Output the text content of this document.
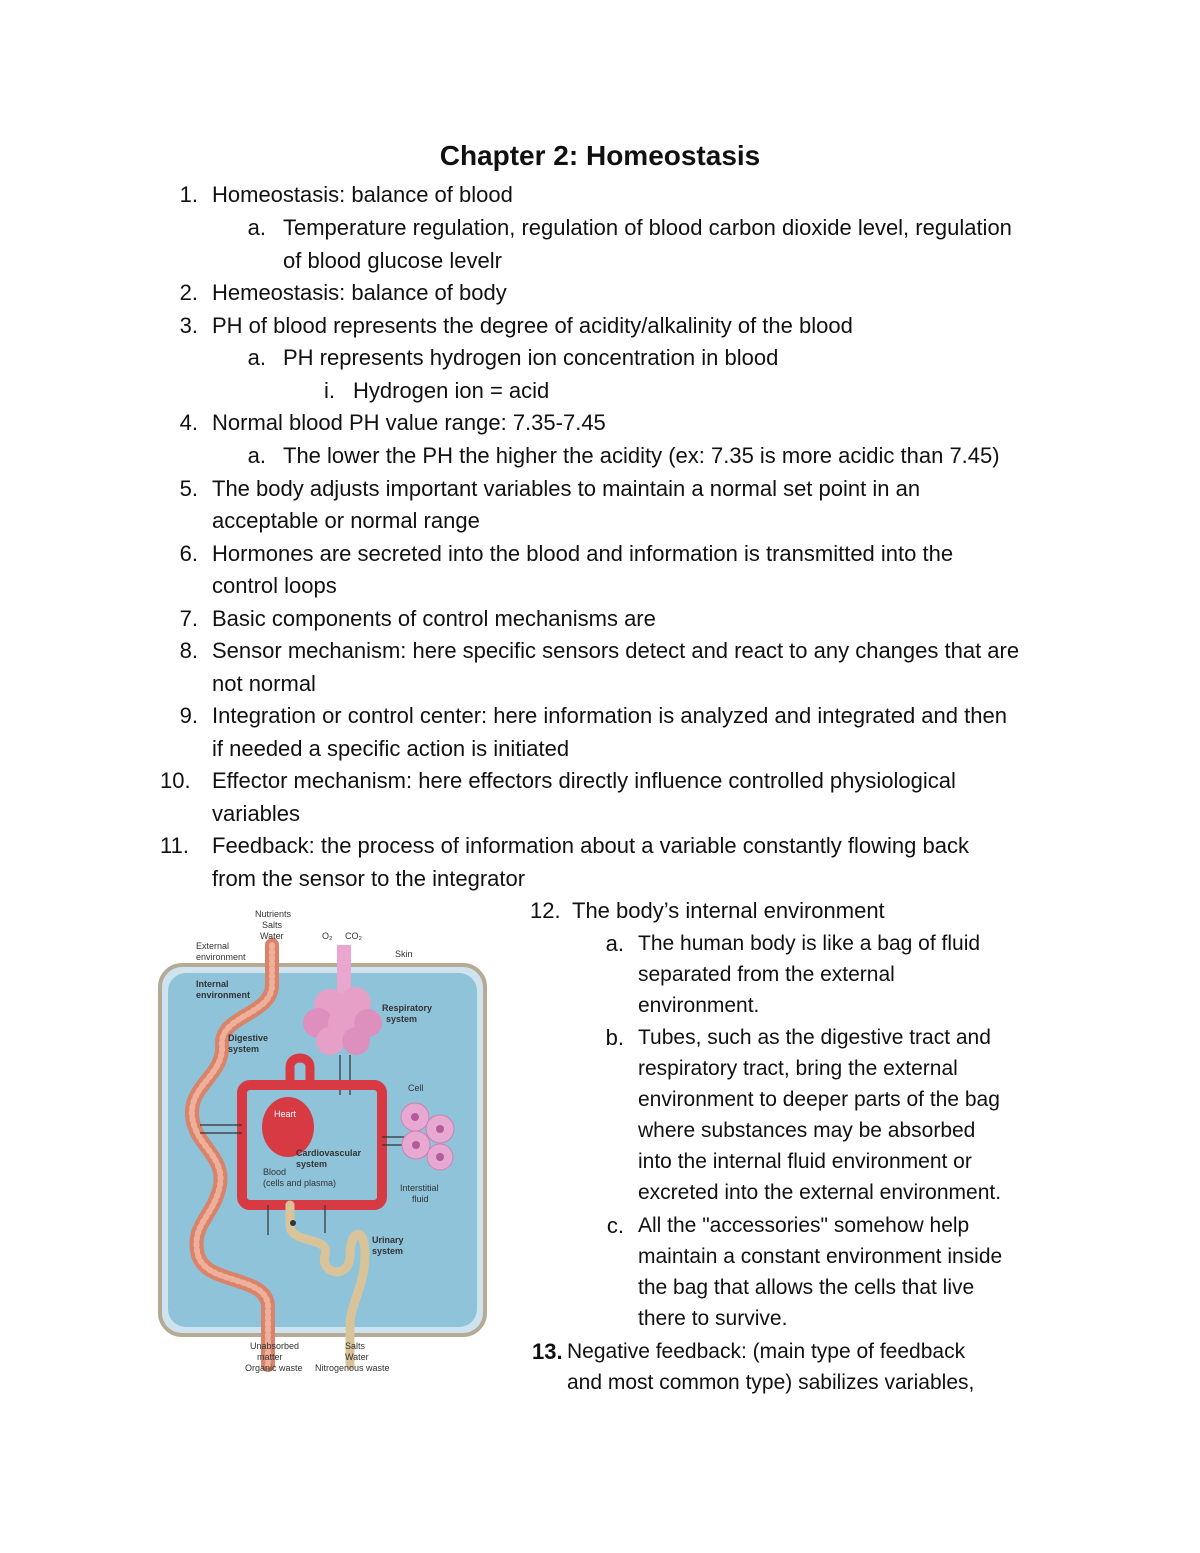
Chapter 2: Homeostasis
1. Homeostasis: balance of blood
a. Temperature regulation, regulation of blood carbon dioxide level, regulation
of blood glucose levelr
2. Hemeostasis: balance of body
3. PH of blood represents the degree of acidity/alkalinity of the blood
a. PH represents hydrogen ion concentration in blood
i. Hydrogen ion = acid
4. Normal blood PH value range: 7.35-7.45
a. The lower the PH the higher the acidity (ex: 7.35 is more acidic than 7.45)
5. The body adjusts important variables to maintain a normal set point in an
acceptable or normal range
6. Hormones are secreted into the blood and information is transmitted into the
control loops
7. Basic components of control mechanisms are
8. Sensor mechanism: here specific sensors detect and react to any changes that are
not normal
9. Integration or control center: here information is analyzed and integrated and then
if needed a specific action is initiated
10. Effector mechanism: here effectors directly influence controlled physiological
variables
11.	Feedback: the process of information about a variable constantly flowing back
from the sensor to the integrator
12. The body’s internal environment
a. The human body is like a bag of fluid
separated from the external
environment.
b. Tubes, such as the digestive tract and
respiratory tract, bring the external
environment to deeper parts of the bag
where substances may be absorbed
into the internal fluid environment or
excreted into the external environment.
c. All the "accessories" somehow help
maintain a constant environment inside
the bag that allows the cells that live
there to survive.
13. Negative feedback: (main type of feedback
and most common type) sabilizes variables,
Nutrients
Salts
Water	O₂ CO₂
Skin
External
environment
Internal
environment
Digestive
system
Respiratory
system
Cell
Heart
Cardiovascular
system
Blood
(cells and plasma)	Interstitial
fluid
Urinary
system
Unabsorbed
matter
Organic waste
Salts
Water
Nitrogenous waste
